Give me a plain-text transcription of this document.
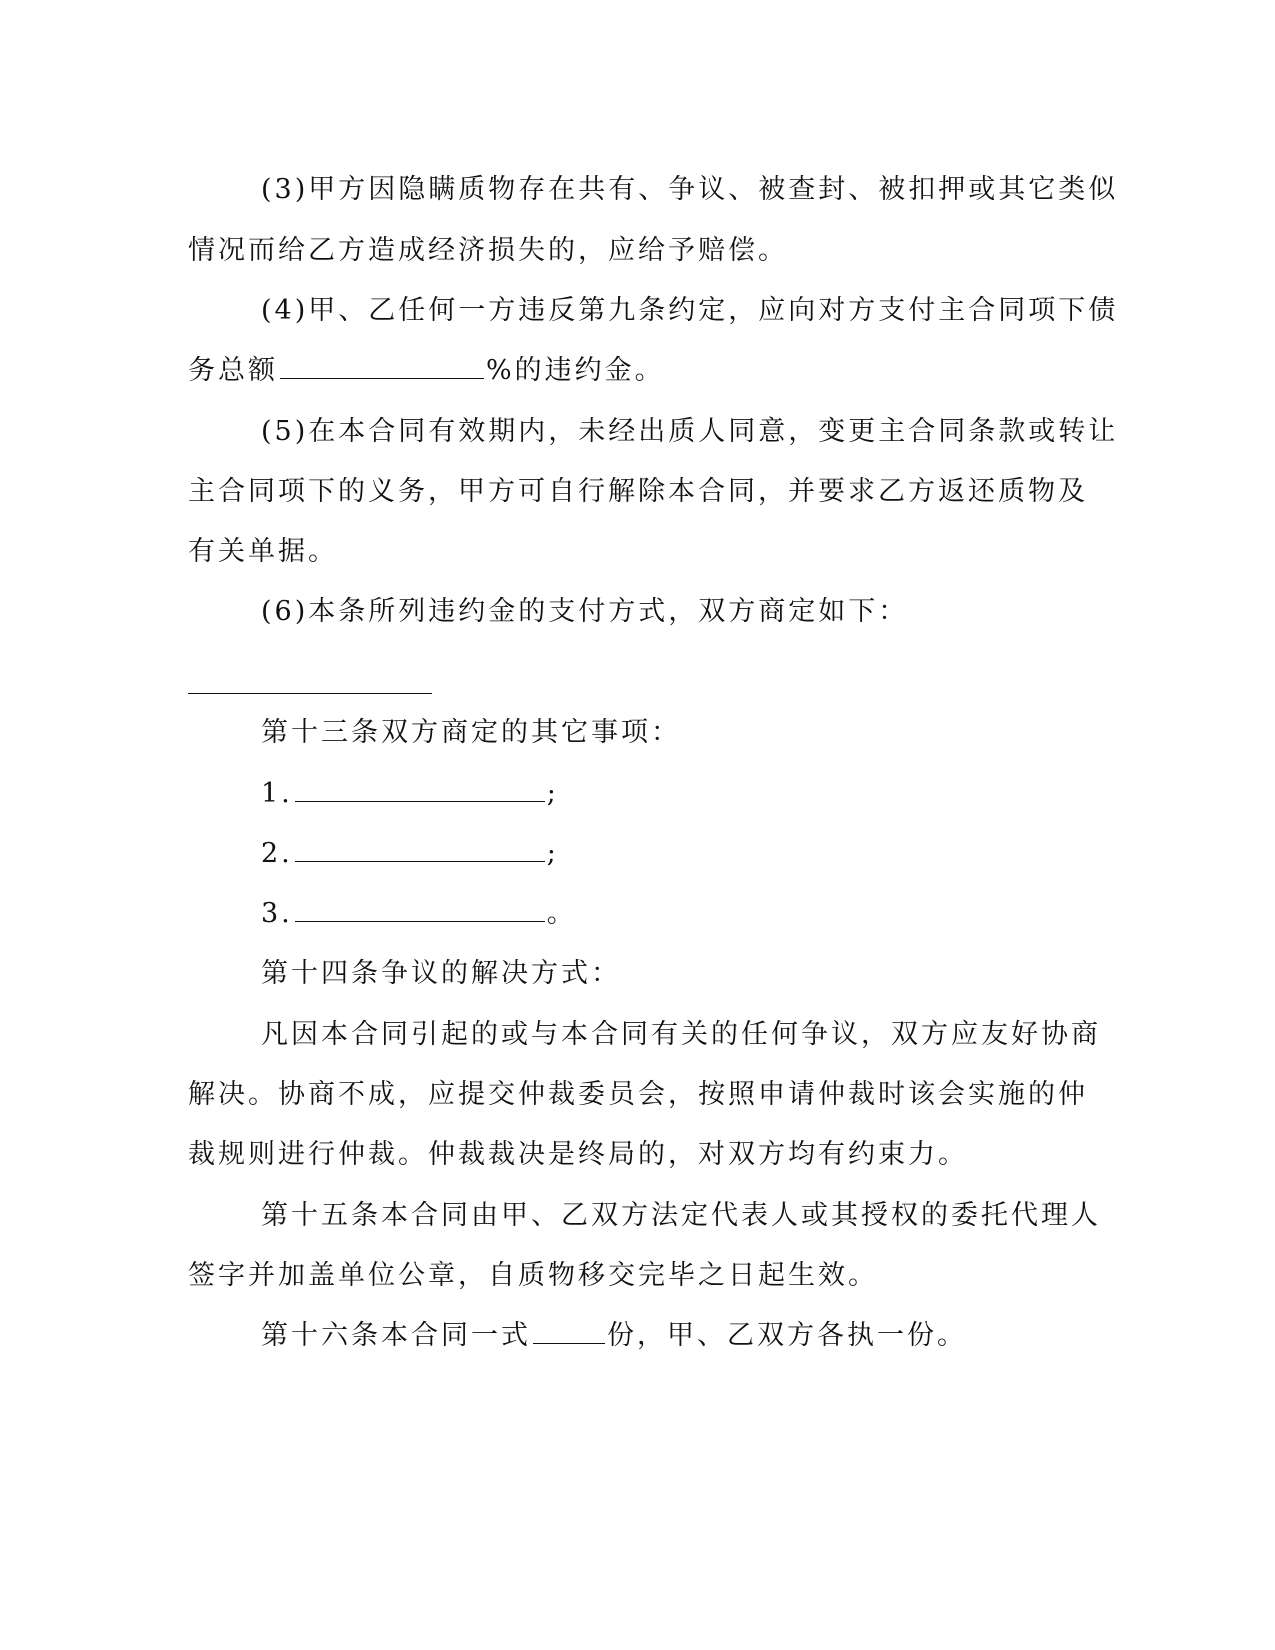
(3)甲方因隐瞒质物存在共有、争议、被查封、被扣押或其它类似
情况而给乙方造成经济损失的，应给予赔偿。
(4)甲、乙任何一方违反第九条约定，应向对方支付主合同项下债
务总额	%的违约金。
(5)在本合同有效期内，未经出质人同意，变更主合同条款或转让
主合同项下的义务，甲方可自行解除本合同，并要求乙方返还质物及
有关单据。
(6)本条所列违约金的支付方式，双方商定如下：
第十三条双方商定的其它事项：
1.	;
2.	;
3.	。
第十四条争议的解决方式：
凡因本合同引起的或与本合同有关的任何争议，双方应友好协商
解决。协商不成，应提交仲裁委员会，按照申请仲裁时该会实施的仲
裁规则进行仲裁。仲裁裁决是终局的，对双方均有约束力。
第十五条本合同由甲、乙双方法定代表人或其授权的委托代理人
签字并加盖单位公章，自质物移交完毕之日起生效。
第十六条本合同一式	份，甲、乙双方各执一份。
